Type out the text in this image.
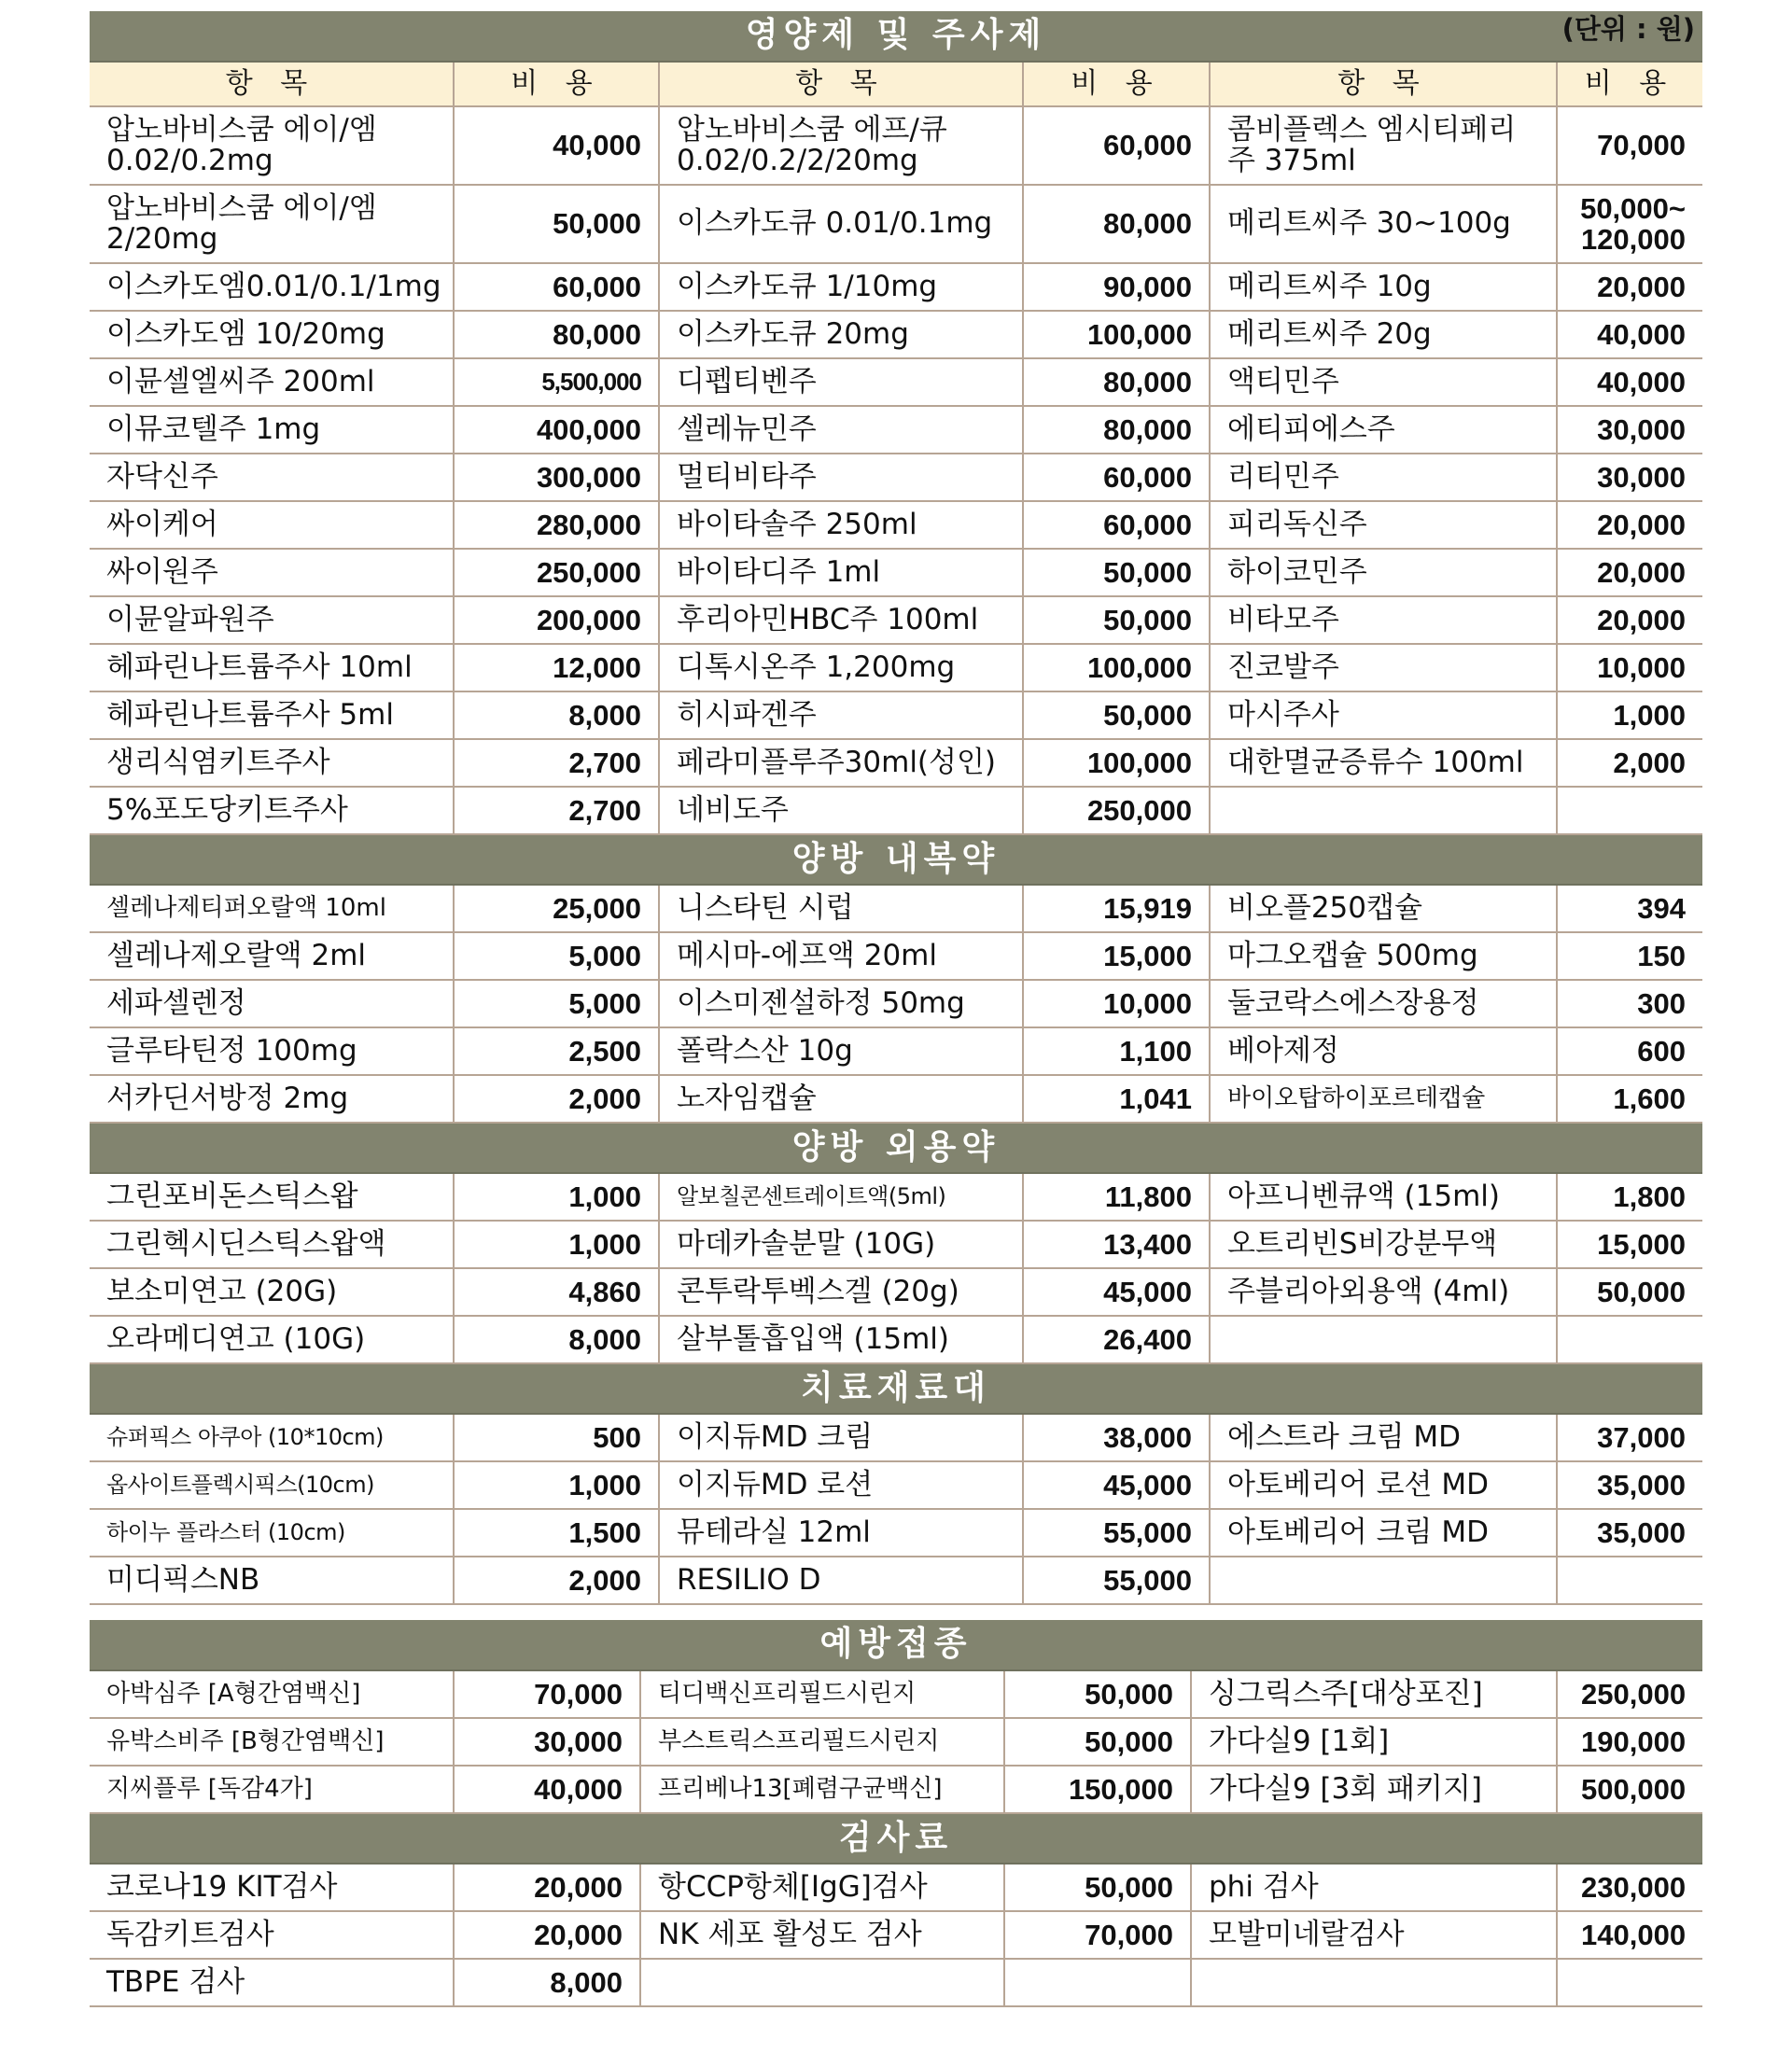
영양제 및 주사제 (단위 : 원)					

항 목	비 용	항 목	비 용	항 목	비 용
압노바비스쿰 에이/엠 0.02/0.2mg	40,000	압노바비스쿰 에프/큐 0.02/0.2/2/20mg	60,000	콤비플렉스 엠시티페리주 375ml	70,000
압노바비스쿰 에이/엠 2/20mg	50,000	이스카도큐 0.01/0.1mg	80,000	메리트씨주 30~100g	50,000~ 120,000
이스카도엠0.01/0.1/1mg	60,000	이스카도큐 1/10mg	90,000	메리트씨주 10g	20,000
이스카도엠 10/20mg	80,000	이스카도큐 20mg	100,000	메리트씨주 20g	40,000
이뮨셀엘씨주 200ml	5,500,000	디펩티벤주	80,000	액티민주	40,000
이뮤코텔주 1mg	400,000	셀레뉴민주	80,000	에티피에스주	30,000
자닥신주	300,000	멀티비타주	60,000	리티민주	30,000
싸이케어	280,000	바이타솔주 250ml	60,000	피리독신주	20,000
싸이원주	250,000	바이타디주 1ml	50,000	하이코민주	20,000
이뮨알파원주	200,000	후리아민HBC주 100ml	50,000	비타모주	20,000
헤파린나트륨주사 10ml	12,000	디톡시온주 1,200mg	100,000	진코발주	10,000
헤파린나트륨주사 5ml	8,000	히시파겐주	50,000	마시주사	1,000
생리식염키트주사	2,700	페라미플루주30ml(성인)	100,000	대한멸균증류수 100ml	2,000
5%포도당키트주사	2,700	네비도주	250,000		
양방 내복약					
셀레나제티퍼오랄액 10ml	25,000	니스타틴 시럽	15,919	비오플250캡슐	394
셀레나제오랄액 2ml	5,000	메시마-에프액 20ml	15,000	마그오캡슐 500mg	150
세파셀렌정	5,000	이스미젠설하정 50mg	10,000	둘코락스에스장용정	300
글루타틴정 100mg	2,500	폴락스산 10g	1,100	베아제정	600
서카딘서방정 2mg	2,000	노자임캡슐	1,041	바이오탑하이포르테캡슐	1,600
양방 외용약					
그린포비돈스틱스왑	1,000	알보칠콘센트레이트액(5ml)	11,800	아프니벤큐액 (15ml)	1,800
그린헥시딘스틱스왑액	1,000	마데카솔분말 (10G)	13,400	오트리빈S비강분무액	15,000
보소미연고 (20G)	4,860	콘투락투벡스겔 (20g)	45,000	주블리아외용액 (4ml)	50,000
오라메디연고 (10G)	8,000	살부톨흡입액 (15ml)	26,400		
치료재료대					
슈퍼픽스 아쿠아 (10*10cm)	500	이지듀MD 크림	38,000	에스트라 크림 MD	37,000
옵사이트플렉시픽스(10cm)	1,000	이지듀MD 로션	45,000	아토베리어 로션 MD	35,000
하이누 플라스터 (10cm)	1,500	뮤테라실 12ml	55,000	아토베리어 크림 MD	35,000
미디픽스NB	2,000	RESILIO D	55,000		
예방접종					
아박심주 [A형간염백신]	70,000	티디백신프리필드시린지	50,000	싱그릭스주[대상포진]	250,000
유박스비주 [B형간염백신]	30,000	부스트릭스프리필드시린지	50,000	가다실9 [1회]	190,000
지씨플루 [독감4가]	40,000	프리베나13[폐렴구균백신]	150,000	가다실9 [3회 패키지]	500,000
검사료					
코로나19 KIT검사	20,000	항CCP항체[IgG]검사	50,000	phi 검사	230,000
독감키트검사	20,000	NK 세포 활성도 검사	70,000	모발미네랄검사	140,000
TBPE 검사	8,000				
